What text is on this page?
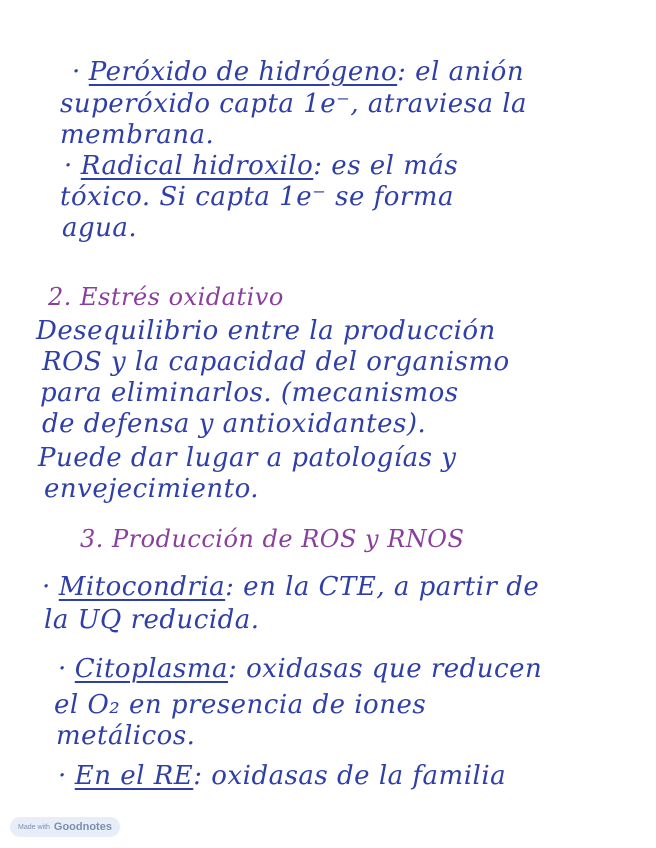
· Peróxido de hidrógeno: el anión
superóxido capta 1e⁻, atraviesa la
membrana.
· Radical hidroxilo: es el más
tóxico. Si capta 1e⁻ se forma
agua.
2. Estrés oxidativo
Desequilibrio entre la producción
ROS y la capacidad del organismo
para eliminarlos. (mecanismos
de defensa y antioxidantes).
Puede dar lugar a patologías y
envejecimiento.
3. Producción de ROS y RNOS
· Mitocondria: en la CTE, a partir de
la UQ reducida.
· Citoplasma: oxidasas que reducen
el O₂ en presencia de iones
metálicos.
· En el RE: oxidasas de la familia
Made with Goodnotes
